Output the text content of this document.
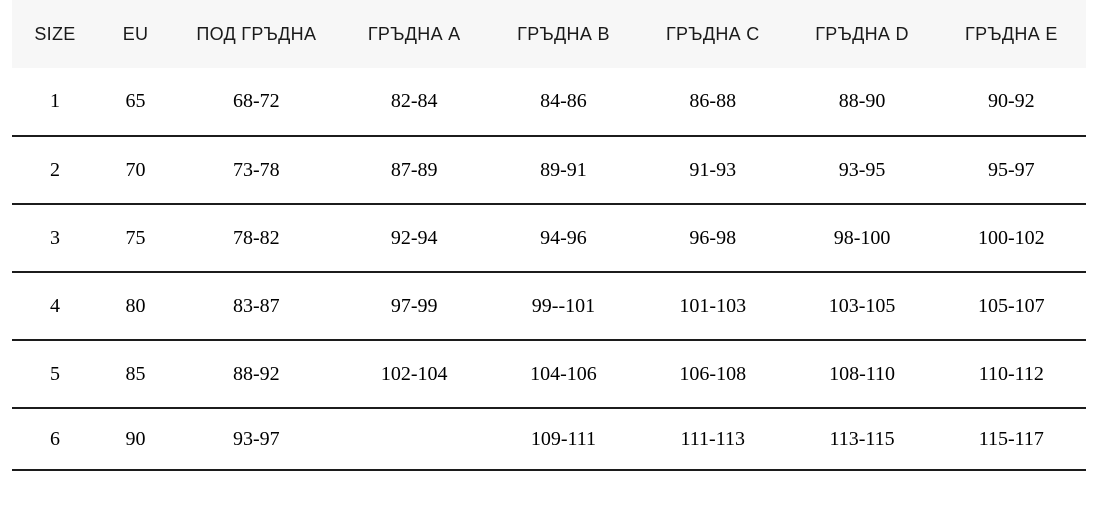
SIZE	EU	ПОД ГРЪДНА	ГРЪДНА A	ГРЪДНА B	ГРЪДНА C	ГРЪДНА D	ГРЪДНА E
1	65	68-72	82-84	84-86	86-88	88-90	90-92
2	70	73-78	87-89	89-91	91-93	93-95	95-97
3	75	78-82	92-94	94-96	96-98	98-100	100-102
4	80	83-87	97-99	99--101	101-103	103-105	105-107
5	85	88-92	102-104	104-106	106-108	108-110	110-112
6	90	93-97		109-111	111-113	113-115	115-117
